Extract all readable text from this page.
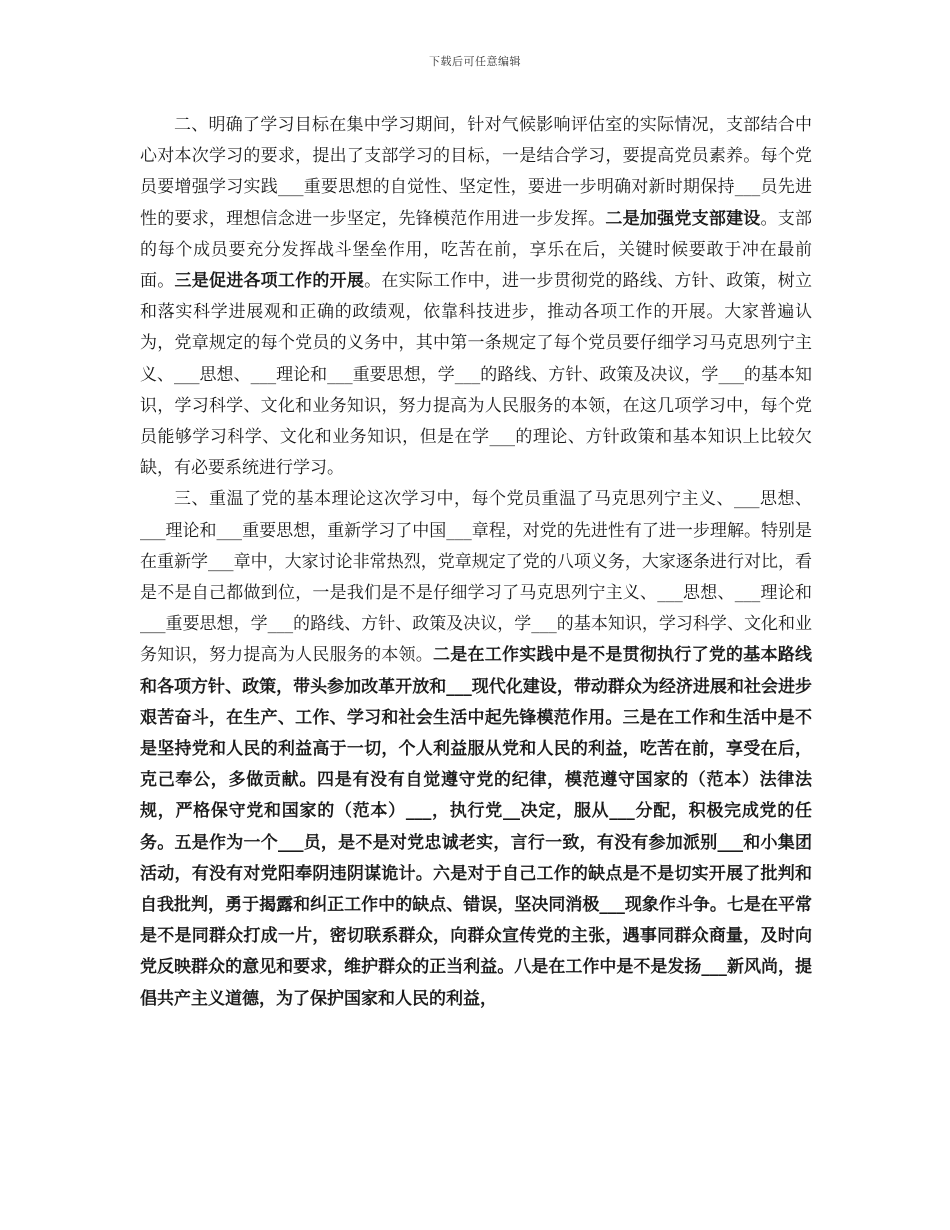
下载后可任意编辑

二、明确了学习目标在集中学习期间，针对气候影响评估室的实际情况，支部结合中心对本次学习的要求，提出了支部学习的目标，一是结合学习，要提高党员素养。每个党员要增强学习实践___重要思想的自觉性、坚定性，要进一步明确对新时期保持___员先进性的要求，理想信念进一步坚定，先锋模范作用进一步发挥。二是加强党支部建设。支部的每个成员要充分发挥战斗堡垒作用，吃苦在前，享乐在后，关键时候要敢于冲在最前面。三是促进各项工作的开展。在实际工作中，进一步贯彻党的路线、方针、政策，树立和落实科学进展观和正确的政绩观，依靠科技进步，推动各项工作的开展。大家普遍认为，党章规定的每个党员的义务中，其中第一条规定了每个党员要仔细学习马克思列宁主义、___思想、___理论和___重要思想，学___的路线、方针、政策及决议，学___的基本知识，学习科学、文化和业务知识，努力提高为人民服务的本领，在这几项学习中，每个党员能够学习科学、文化和业务知识，但是在学___的理论、方针政策和基本知识上比较欠缺，有必要系统进行学习。

三、重温了党的基本理论这次学习中，每个党员重温了马克思列宁主义、___思想、___理论和___重要思想，重新学习了中国___章程，对党的先进性有了进一步理解。特别是在重新学___章中，大家讨论非常热烈，党章规定了党的八项义务，大家逐条进行对比，看是不是自己都做到位，一是我们是不是仔细学习了马克思列宁主义、___思想、___理论和___重要思想，学___的路线、方针、政策及决议，学___的基本知识，学习科学、文化和业务知识，努力提高为人民服务的本领。二是在工作实践中是不是贯彻执行了党的基本路线和各项方针、政策，带头参加改革开放和___现代化建设，带动群众为经济进展和社会进步艰苦奋斗，在生产、工作、学习和社会生活中起先锋模范作用。三是在工作和生活中是不是坚持党和人民的利益高于一切，个人利益服从党和人民的利益，吃苦在前，享受在后，克己奉公，多做贡献。四是有没有自觉遵守党的纪律，模范遵守国家的（范本）法律法规，严格保守党和国家的（范本）___，执行党__决定，服从___分配，积极完成党的任务。五是作为一个___员，是不是对党忠诚老实，言行一致，有没有参加派别___和小集团活动，有没有对党阳奉阴违阴谋诡计。六是对于自己工作的缺点是不是切实开展了批判和自我批判，勇于揭露和纠正工作中的缺点、错误，坚决同消极___现象作斗争。七是在平常是不是同群众打成一片，密切联系群众，向群众宣传党的主张，遇事同群众商量，及时向党反映群众的意见和要求，维护群众的正当利益。八是在工作中是不是发扬___新风尚，提倡共产主义道德，为了保护国家和人民的利益，
